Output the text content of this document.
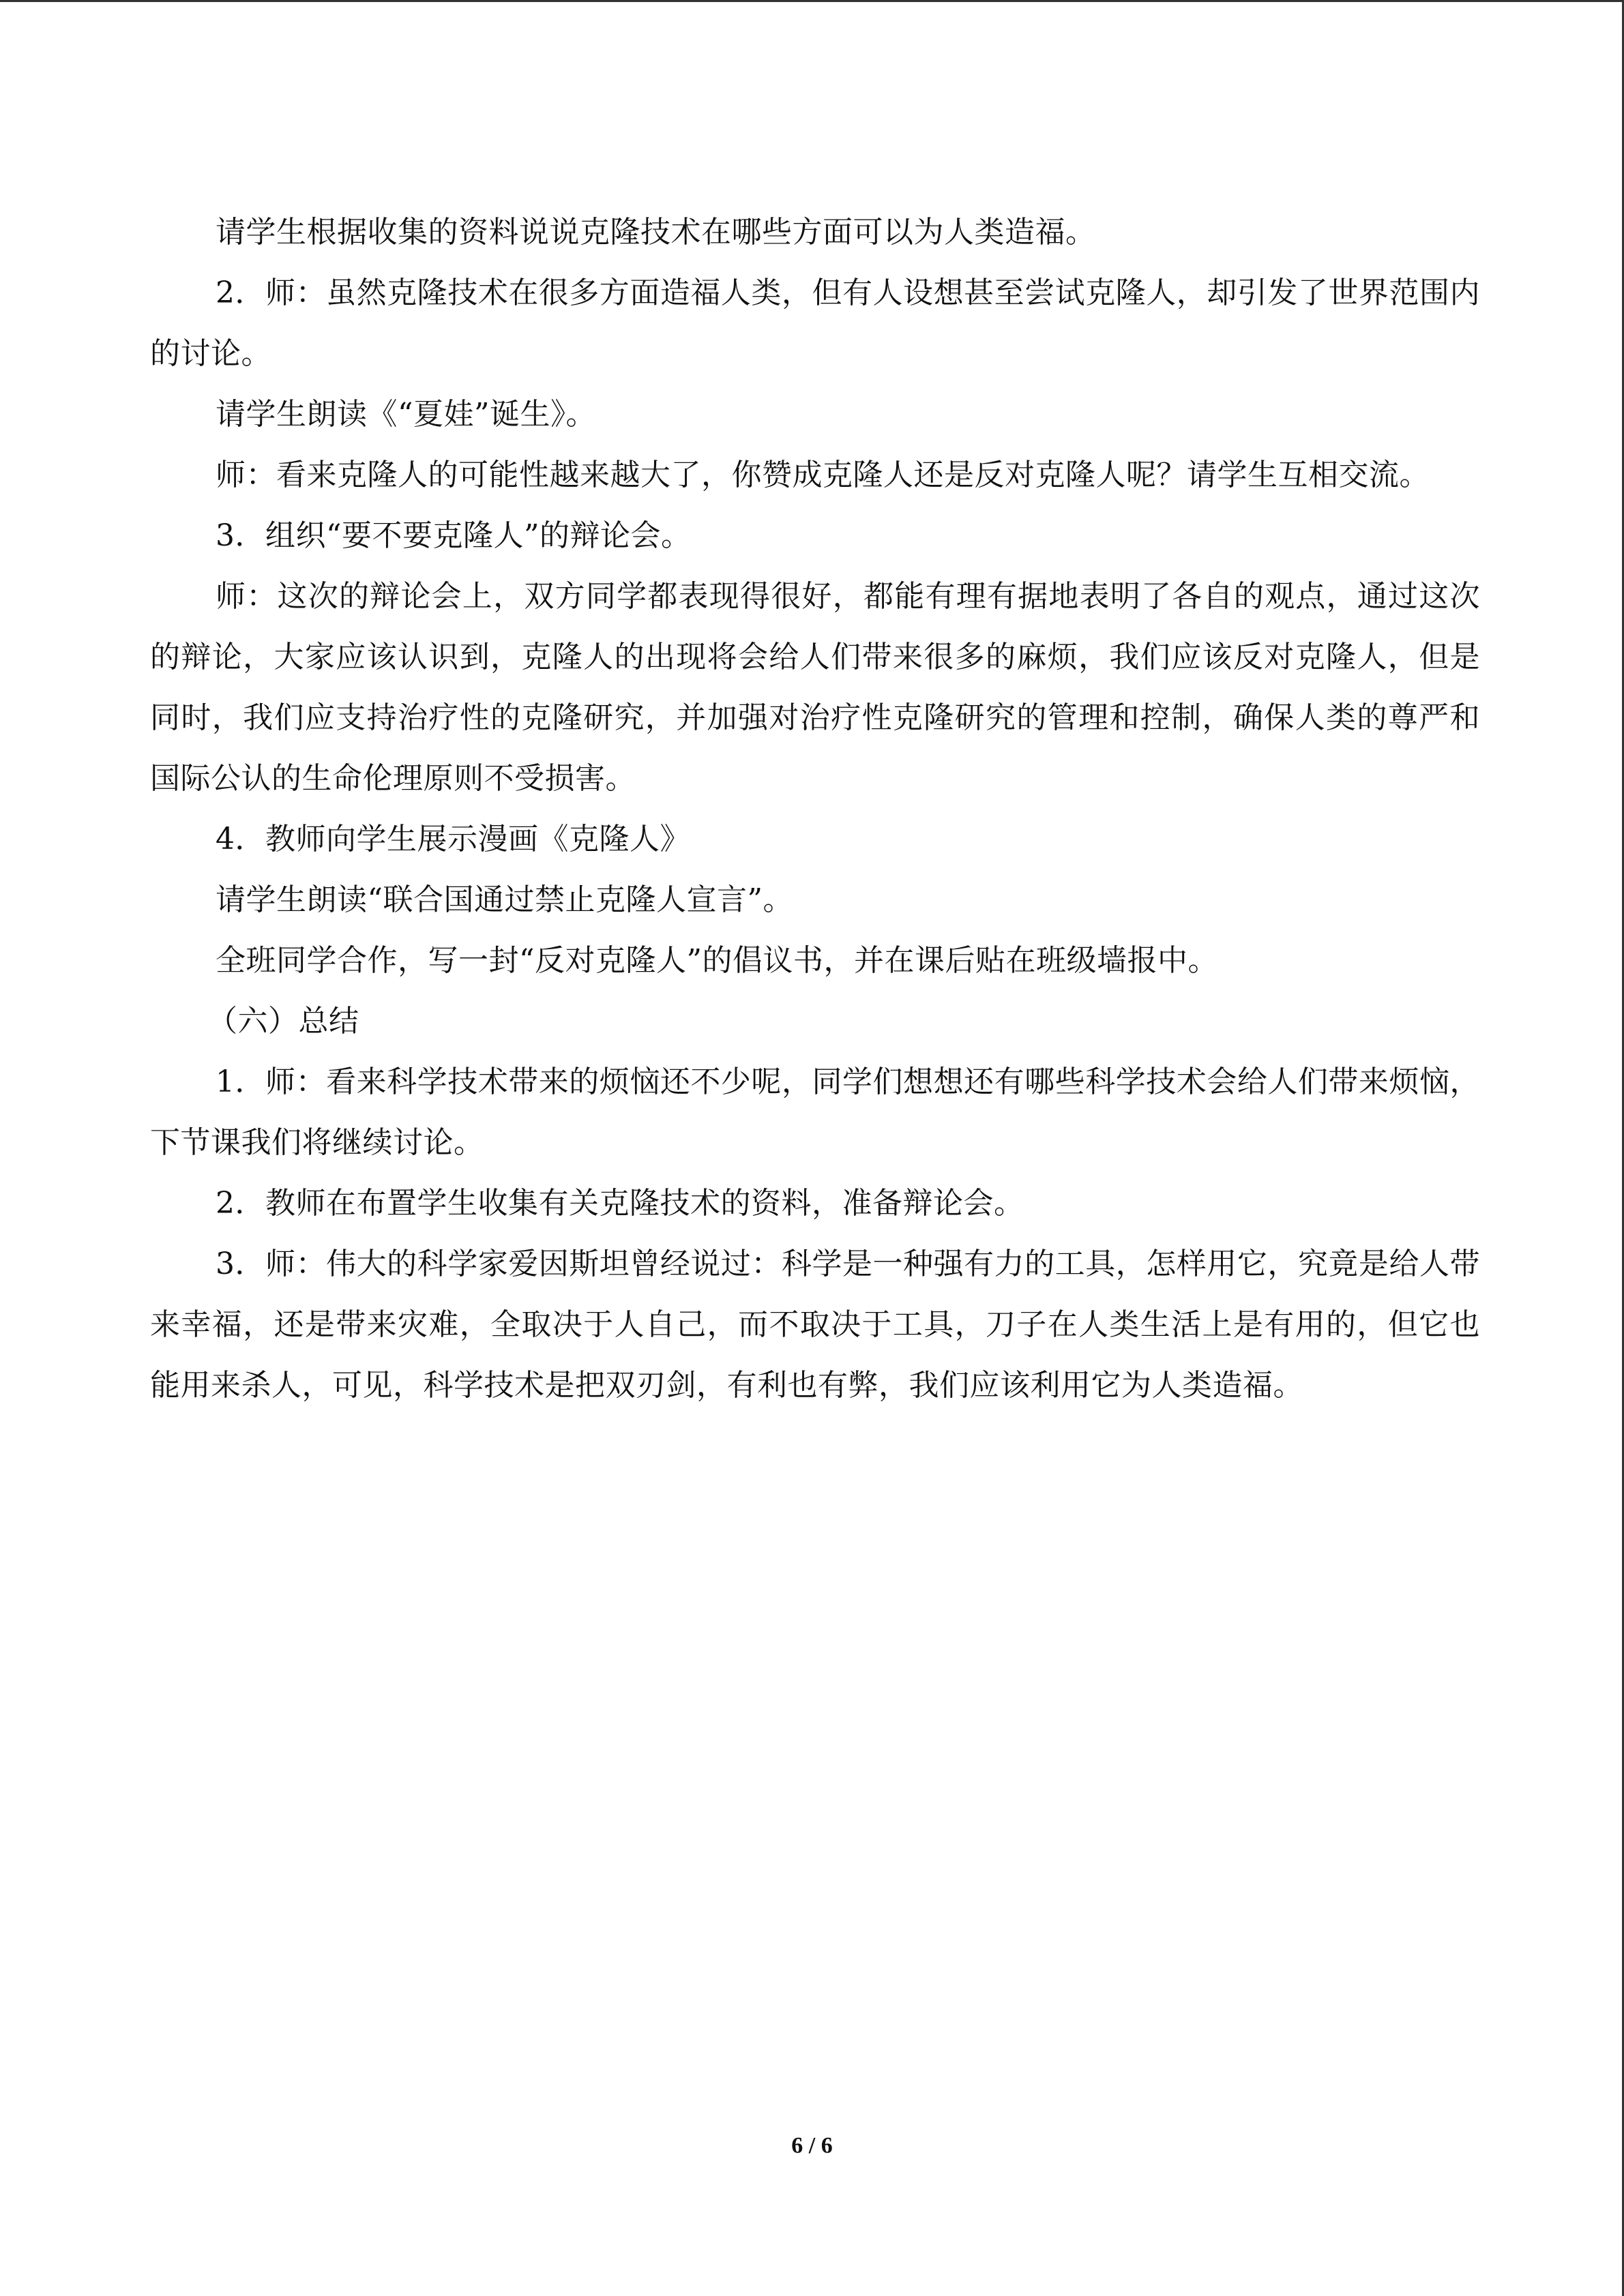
请学生根据收集的资料说说克隆技术在哪些方面可以为人类造福。

2．师：虽然克隆技术在很多方面造福人类，但有人设想甚至尝试克隆人，却引发了世界范围内的讨论。

请学生朗读《“夏娃”诞生》。

师：看来克隆人的可能性越来越大了，你赞成克隆人还是反对克隆人呢？请学生互相交流。

3．组织“要不要克隆人”的辩论会。

师：这次的辩论会上，双方同学都表现得很好，都能有理有据地表明了各自的观点，通过这次的辩论，大家应该认识到，克隆人的出现将会给人们带来很多的麻烦，我们应该反对克隆人，但是同时，我们应支持治疗性的克隆研究，并加强对治疗性克隆研究的管理和控制，确保人类的尊严和国际公认的生命伦理原则不受损害。

4．教师向学生展示漫画《克隆人》

请学生朗读“联合国通过禁止克隆人宣言”。

全班同学合作，写一封“反对克隆人”的倡议书，并在课后贴在班级墙报中。

（六）总结

1．师：看来科学技术带来的烦恼还不少呢，同学们想想还有哪些科学技术会给人们带来烦恼，下节课我们将继续讨论。

2．教师在布置学生收集有关克隆技术的资料，准备辩论会。

3．师：伟大的科学家爱因斯坦曾经说过：科学是一种强有力的工具，怎样用它，究竟是给人带来幸福，还是带来灾难，全取决于人自己，而不取决于工具，刀子在人类生活上是有用的，但它也能用来杀人，可见，科学技术是把双刃剑，有利也有弊，我们应该利用它为人类造福。

6 / 6
